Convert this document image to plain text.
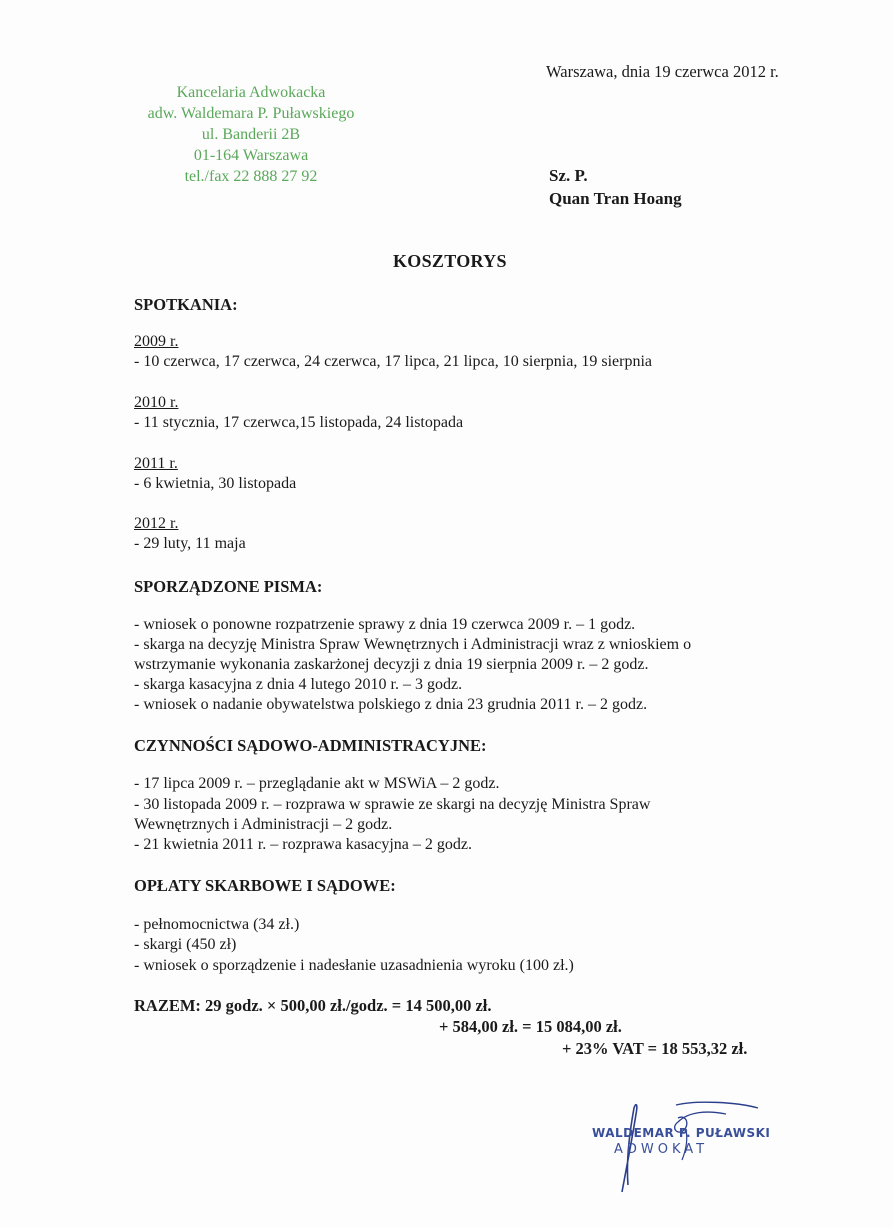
Kancelaria Adwokacka
adw. Waldemara P. Puławskiego
ul. Banderii 2B
01-164 Warszawa
tel./fax 22 888 27 92
Warszawa, dnia 19 czerwca 2012 r.
Sz. P.
Quan Tran Hoang
KOSZTORYS
SPOTKANIA:
2009 r.
- 10 czerwca, 17 czerwca, 24 czerwca, 17 lipca, 21 lipca, 10 sierpnia, 19 sierpnia
2010 r.
- 11 stycznia, 17 czerwca,15 listopada, 24 listopada
2011 r.
- 6 kwietnia, 30 listopada
2012 r.
- 29 luty, 11 maja
SPORZĄDZONE PISMA:
- wniosek o ponowne rozpatrzenie sprawy z dnia 19 czerwca 2009 r. – 1 godz.
- skarga na decyzję Ministra Spraw Wewnętrznych i Administracji wraz z wnioskiem o
wstrzymanie wykonania zaskarżonej decyzji z dnia 19 sierpnia 2009 r. – 2 godz.
- skarga kasacyjna z dnia 4 lutego 2010 r. – 3 godz.
- wniosek o nadanie obywatelstwa polskiego z dnia 23 grudnia 2011 r. – 2 godz.
CZYNNOŚCI SĄDOWO-ADMINISTRACYJNE:
- 17 lipca 2009 r. – przeglądanie akt w MSWiA – 2 godz.
- 30 listopada 2009 r. – rozprawa w sprawie ze skargi na decyzję Ministra Spraw
Wewnętrznych i Administracji – 2 godz.
- 21 kwietnia 2011 r. – rozprawa kasacyjna – 2 godz.
OPŁATY SKARBOWE I SĄDOWE:
- pełnomocnictwa (34 zł.)
- skargi (450 zł)
- wniosek o sporządzenie i nadesłanie uzasadnienia wyroku (100 zł.)
RAZEM: 29 godz. × 500,00 zł./godz. = 14 500,00 zł.
+ 584,00 zł. = 15 084,00 zł.
+ 23% VAT = 18 553,32 zł.
WALDEMAR P. PUŁAWSKI
ADWOKAT
